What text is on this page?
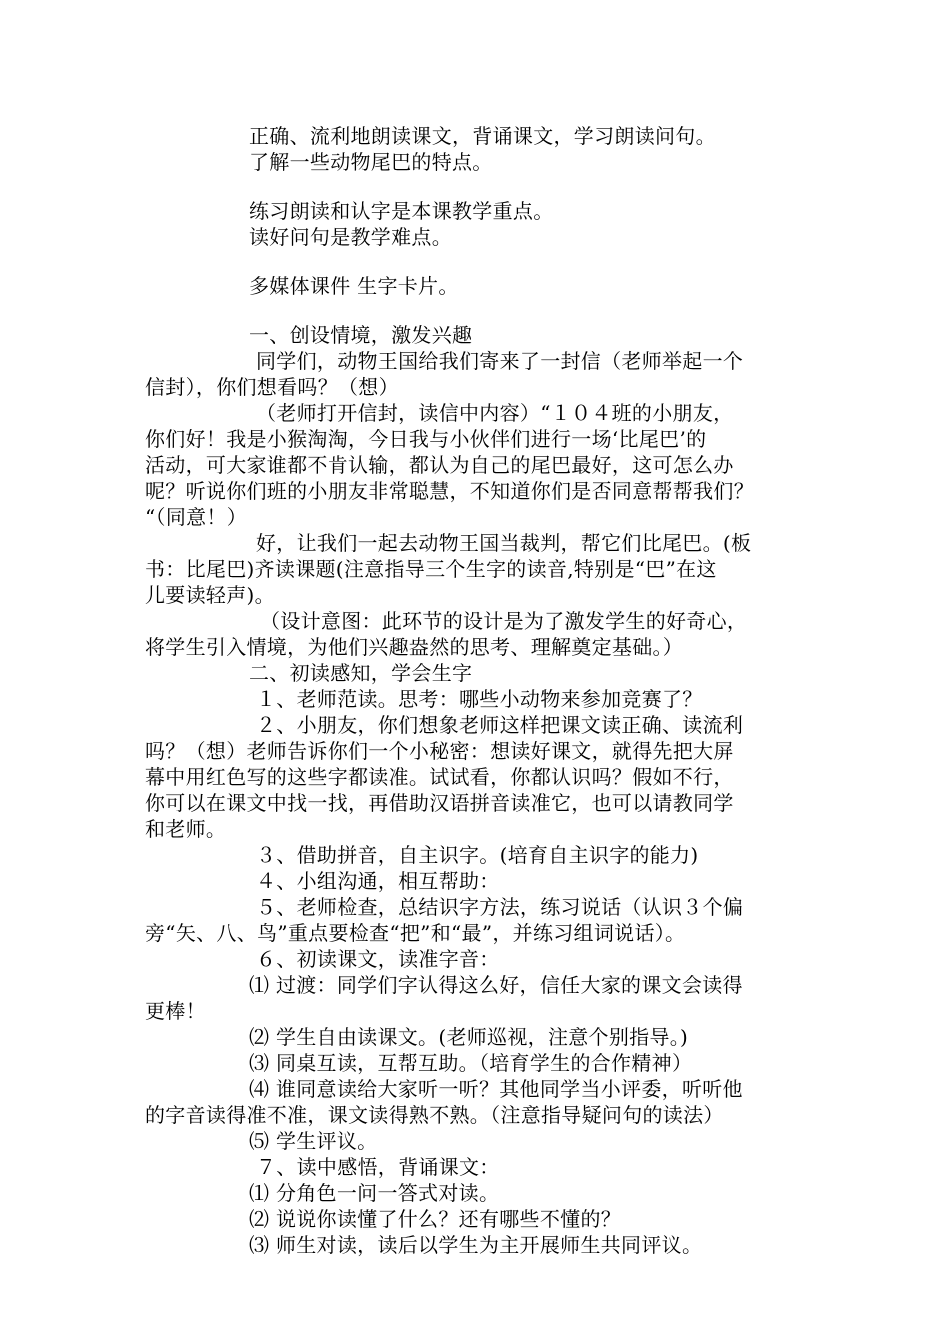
正确、流利地朗读课文，背诵课文，学习朗读问句。
了解一些动物尾巴的特点。
练习朗读和认字是本课教学重点。
读好问句是教学难点。
多媒体课件 生字卡片。
一、创设情境，激发兴趣
同学们，动物王国给我们寄来了一封信（老师举起一个
信封），你们想看吗？（想）
（老师打开信封，读信中内容）“１０４班的小朋友，
你们好！我是小猴淘淘，今日我与小伙伴们进行一场‘比尾巴’的
活动，可大家谁都不肯认输，都认为自己的尾巴最好，这可怎么办
呢？听说你们班的小朋友非常聪慧，不知道你们是否同意帮帮我们？
“（同意！）
好，让我们一起去动物王国当裁判，帮它们比尾巴。(板
书：比尾巴)齐读课题(注意指导三个生字的读音,特别是“巴”在这
儿要读轻声)。
（设计意图：此环节的设计是为了激发学生的好奇心，
将学生引入情境，为他们兴趣盎然的思考、理解奠定基础。）
二、初读感知，学会生字
１、老师范读。思考：哪些小动物来参加竞赛了？
２、小朋友，你们想象老师这样把课文读正确、读流利
吗？（想）老师告诉你们一个小秘密：想读好课文，就得先把大屏
幕中用红色写的这些字都读准。试试看，你都认识吗？假如不行，
你可以在课文中找一找，再借助汉语拼音读准它，也可以请教同学
和老师。
３、借助拼音，自主识字。(培育自主识字的能力)
４、小组沟通，相互帮助：
５、老师检查，总结识字方法，练习说话（认识３个偏
旁“矢、八、鸟”重点要检查“把”和“最”，并练习组词说话）。
６、初读课文，读准字音：
⑴ 过渡：同学们字认得这么好，信任大家的课文会读得
更棒！
⑵ 学生自由读课文。(老师巡视，注意个别指导。)
⑶ 同桌互读，互帮互助。（培育学生的合作精神）
⑷ 谁同意读给大家听一听？其他同学当小评委，听听他
的字音读得准不准，课文读得熟不熟。（注意指导疑问句的读法）
⑸ 学生评议。
７、读中感悟，背诵课文：
⑴ 分角色一问一答式对读。
⑵ 说说你读懂了什么？还有哪些不懂的？
⑶ 师生对读，读后以学生为主开展师生共同评议。
